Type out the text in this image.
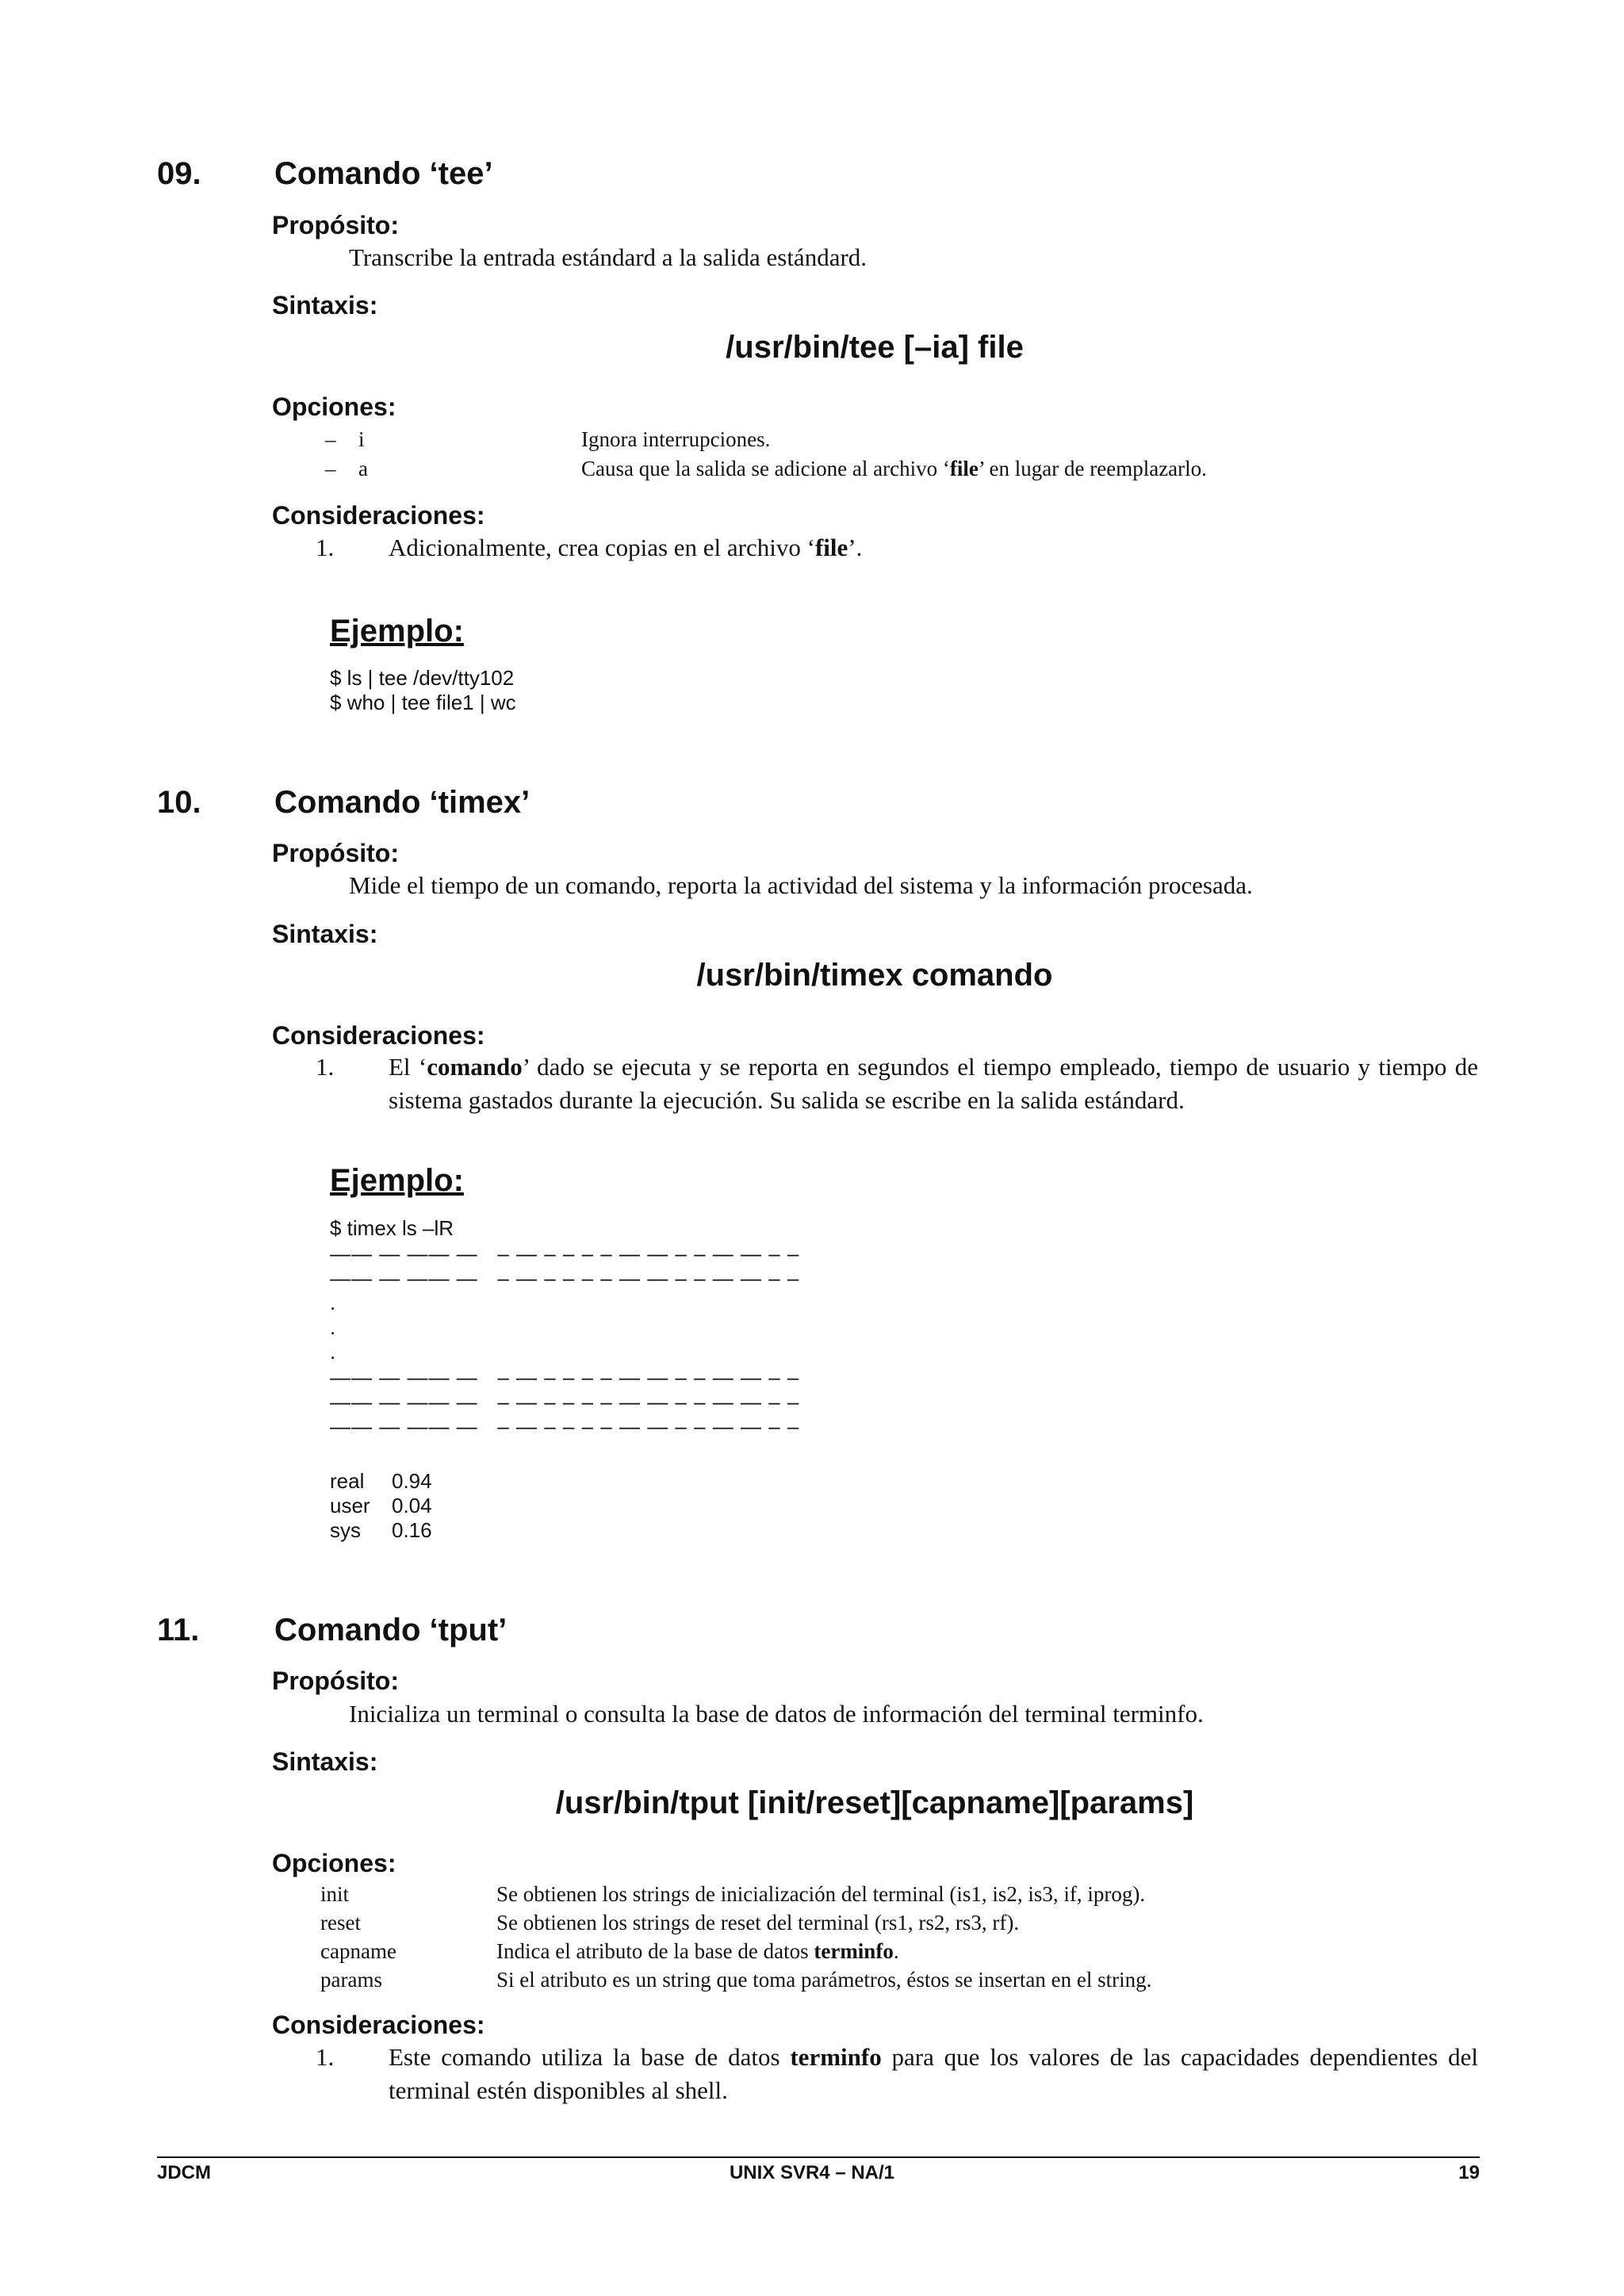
09. Comando ‘tee’
Propósito:
Transcribe la entrada estándard a la salida estándard.
Sintaxis:
/usr/bin/tee [–ia] file
Opciones:
– i	Ignora interrupciones.
– a	Causa que la salida se adicione al archivo ‘file’ en lugar de reemplazarlo.
Consideraciones:
1. Adicionalmente, crea copias en el archivo ‘file’.
Ejemplo:
$ ls | tee /dev/tty102
$ who | tee file1 | wc
10. Comando ‘timex’
Propósito:
Mide el tiempo de un comando, reporta la actividad del sistema y la información procesada.
Sintaxis:
/usr/bin/timex comando
Consideraciones:
1. El ‘comando’ dado se ejecuta y se reporta en segundos el tiempo empleado, tiempo de usuario y tiempo de sistema gastados durante la ejecución. Su salida se escribe en la salida estándard.
Ejemplo:
$ timex ls –lR
—— — —— —   – — – – – – — — – – — — – –
—— — —— —   – — – – – – — — – – — — – –
.
.
.
—— — —— —   – — – – – – — — – – — — – –
—— — —— —   – — – – – – — — – – — — – –
—— — —— —   – — – – – – — — – – — — – –
real 0.94
user 0.04
sys 0.16
11. Comando ‘tput’
Propósito:
Inicializa un terminal o consulta la base de datos de información del terminal terminfo.
Sintaxis:
/usr/bin/tput [init/reset][capname][params]
Opciones:
init	Se obtienen los strings de inicialización del terminal (is1, is2, is3, if, iprog).
reset	Se obtienen los strings de reset del terminal (rs1, rs2, rs3, rf).
capname	Indica el atributo de la base de datos terminfo.
params	Si el atributo es un string que toma parámetros, éstos se insertan en el string.
Consideraciones:
1. Este comando utiliza la base de datos terminfo para que los valores de las capacidades dependientes del terminal estén disponibles al shell.
JDCM	UNIX SVR4 – NA/1	19
